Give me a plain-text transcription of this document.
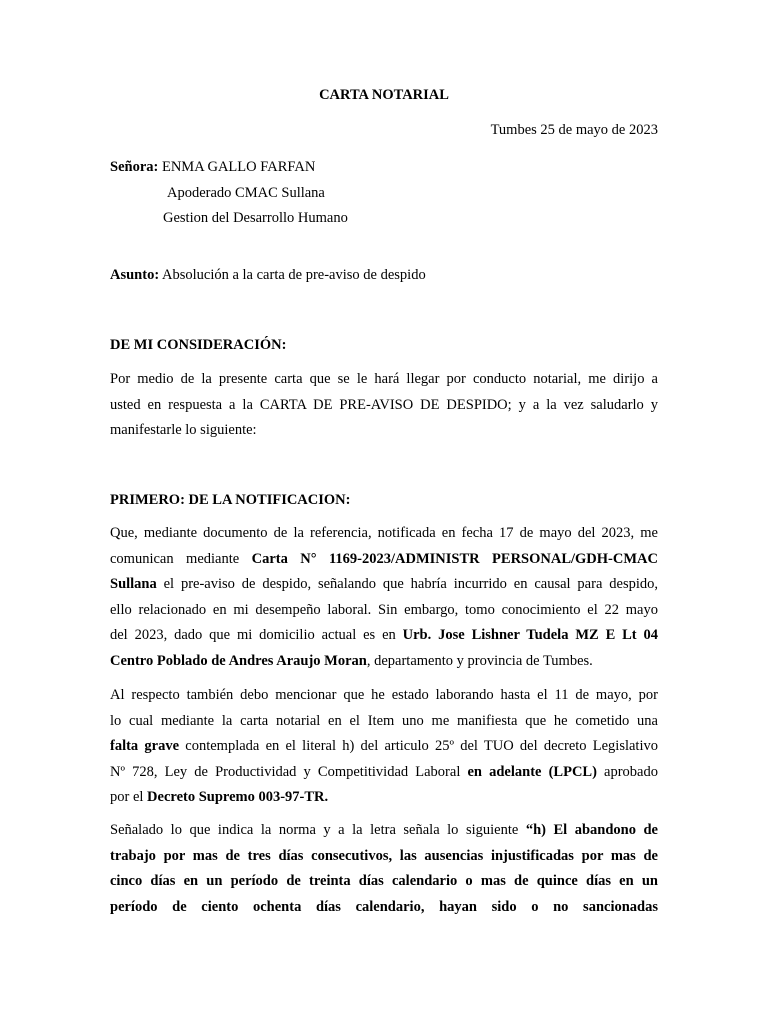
CARTA NOTARIAL
Tumbes 25 de mayo de 2023
Señora: ENMA GALLO FARFAN
Apoderado CMAC Sullana
Gestion del Desarrollo Humano
Asunto: Absolución a la carta de pre-aviso de despido
DE MI CONSIDERACIÓN:
Por medio de la presente carta que se le hará llegar por conducto notarial, me dirijo a
usted en respuesta a la CARTA DE PRE-AVISO DE DESPIDO; y a la vez saludarlo y
manifestarle lo siguiente:
PRIMERO: DE LA NOTIFICACION:
Que, mediante documento de la referencia, notificada en fecha 17 de mayo del 2023, me
comunican mediante Carta N° 1169-2023/ADMINISTR PERSONAL/GDH-CMAC
Sullana el pre-aviso de despido, señalando que habría incurrido en causal para despido,
ello relacionado en mi desempeño laboral. Sin embargo, tomo conocimiento el 22 mayo
del 2023, dado que mi domicilio actual es en Urb. Jose Lishner Tudela MZ E Lt 04
Centro Poblado de Andres Araujo Moran, departamento y provincia de Tumbes.
Al respecto también debo mencionar que he estado laborando hasta el 11 de mayo, por
lo cual mediante la carta notarial en el Item uno me manifiesta que he cometido una
falta grave contemplada en el literal h) del articulo 25º del TUO del decreto Legislativo
Nº 728, Ley de Productividad y Competitividad Laboral en adelante (LPCL) aprobado
por el Decreto Supremo 003-97-TR.
Señalado lo que indica la norma y a la letra señala lo siguiente “h) El abandono de
trabajo por mas de tres días consecutivos, las ausencias injustificadas por mas de
cinco días en un período de treinta días calendario o mas de quince días en un
período de ciento ochenta días calendario, hayan sido o no sancionadas
